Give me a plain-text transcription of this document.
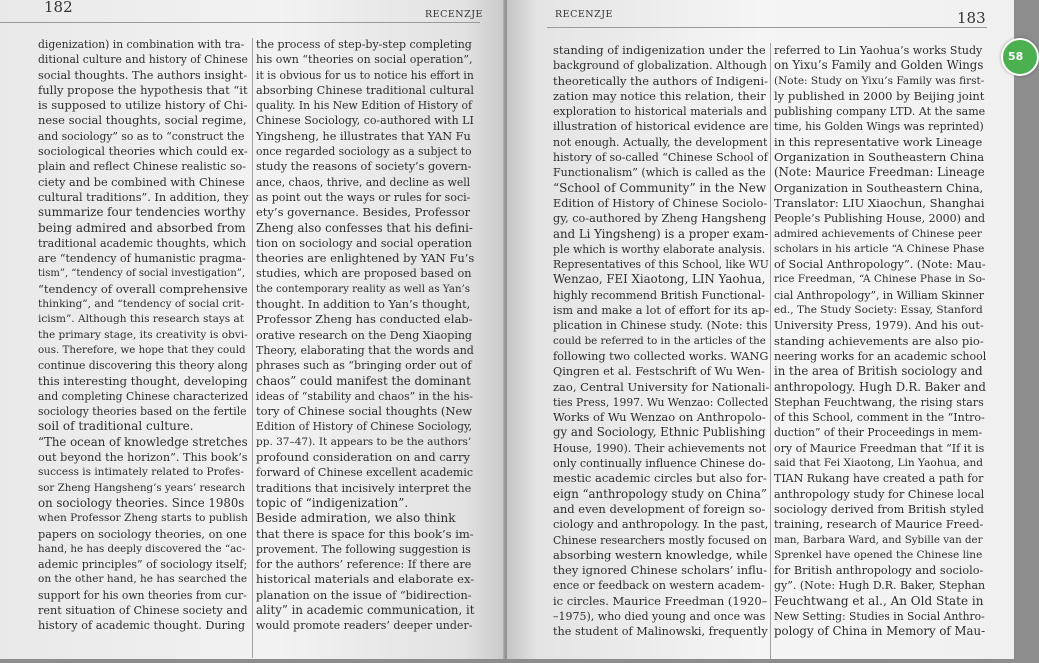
182	RECENZJE
digenization) in combination with tra-
ditional culture and history of Chinese
social thoughts. The authors insight-
fully propose the hypothesis that “it
is supposed to utilize history of Chi-
nese social thoughts, social regime,
and sociology” so as to “construct the
sociological theories which could ex-
plain and reflect Chinese realistic so-
ciety and be combined with Chinese
cultural traditions”. In addition, they
summarize four tendencies worthy
being admired and absorbed from
traditional academic thoughts, which
are “tendency of humanistic pragma-
tism”, “tendency of social investigation”,
“tendency of overall comprehensive
thinking”, and “tendency of social crit-
icism”. Although this research stays at
the primary stage, its creativity is obvi-
ous. Therefore, we hope that they could
continue discovering this theory along
this interesting thought, developing
and completing Chinese characterized
sociology theories based on the fertile
soil of traditional culture.
“The ocean of knowledge stretches
out beyond the horizon”. This book’s
success is intimately related to Profes-
sor Zheng Hangsheng’s years’ research
on sociology theories. Since 1980s
when Professor Zheng starts to publish
papers on sociology theories, on one
hand, he has deeply discovered the “ac-
ademic principles” of sociology itself;
on the other hand, he has searched the
support for his own theories from cur-
rent situation of Chinese society and
history of academic thought. During
the process of step-by-step completing
his own “theories on social operation”,
it is obvious for us to notice his effort in
absorbing Chinese traditional cultural
quality. In his New Edition of History of
Chinese Sociology, co-authored with LI
Yingsheng, he illustrates that YAN Fu
once regarded sociology as a subject to
study the reasons of society’s govern-
ance, chaos, thrive, and decline as well
as point out the ways or rules for soci-
ety’s governance. Besides, Professor
Zheng also confesses that his defini-
tion on sociology and social operation
theories are enlightened by YAN Fu’s
studies, which are proposed based on
the contemporary reality as well as Yan’s
thought. In addition to Yan’s thought,
Professor Zheng has conducted elab-
orative research on the Deng Xiaoping
Theory, elaborating that the words and
phrases such as “bringing order out of
chaos” could manifest the dominant
ideas of “stability and chaos” in the his-
tory of Chinese social thoughts (New
Edition of History of Chinese Sociology,
pp. 37–47). It appears to be the authors’
profound consideration on and carry
forward of Chinese excellent academic
traditions that incisively interpret the
topic of “indigenization”.
Beside admiration, we also think
that there is space for this book’s im-
provement. The following suggestion is
for the authors’ reference: If there are
historical materials and elaborate ex-
planation on the issue of “bidirection-
ality” in academic communication, it
would promote readers’ deeper under-
RECENZJE	183
standing of indigenization under the
background of globalization. Although
theoretically the authors of Indigeni-
zation may notice this relation, their
exploration to historical materials and
illustration of historical evidence are
not enough. Actually, the development
history of so-called “Chinese School of
Functionalism” (which is called as the
“School of Community” in the New
Edition of History of Chinese Sociolo-
gy, co-authored by Zheng Hangsheng
and Li Yingsheng) is a proper exam-
ple which is worthy elaborate analysis.
Representatives of this School, like WU
Wenzao, FEI Xiaotong, LIN Yaohua,
highly recommend British Functional-
ism and make a lot of effort for its ap-
plication in Chinese study. (Note: this
could be referred to in the articles of the
following two collected works. WANG
Qingren et al. Festschrift of Wu Wen-
zao, Central University for Nationali-
ties Press, 1997. Wu Wenzao: Collected
Works of Wu Wenzao on Anthropolo-
gy and Sociology, Ethnic Publishing
House, 1990). Their achievements not
only continually influence Chinese do-
mestic academic circles but also for-
eign “anthropology study on China”
and even development of foreign so-
ciology and anthropology. In the past,
Chinese researchers mostly focused on
absorbing western knowledge, while
they ignored Chinese scholars’ influ-
ence or feedback on western academ-
ic circles. Maurice Freedman (1920–
–1975), who died young and once was
the student of Malinowski, frequently
referred to Lin Yaohua’s works Study
on Yixu’s Family and Golden Wings
(Note: Study on Yixu’s Family was first-
ly published in 2000 by Beijing joint
publishing company LTD. At the same
time, his Golden Wings was reprinted)
in this representative work Lineage
Organization in Southeastern China
(Note: Maurice Freedman: Lineage
Organization in Southeastern China,
Translator: LIU Xiaochun, Shanghai
People’s Publishing House, 2000) and
admired achievements of Chinese peer
scholars in his article “A Chinese Phase
of Social Anthropology”. (Note: Mau-
rice Freedman, “A Chinese Phase in So-
cial Anthropology”, in William Skinner
ed., The Study Society: Essay, Stanford
University Press, 1979). And his out-
standing achievements are also pio-
neering works for an academic school
in the area of British sociology and
anthropology. Hugh D.R. Baker and
Stephan Feuchtwang, the rising stars
of this School, comment in the “Intro-
duction” of their Proceedings in mem-
ory of Maurice Freedman that “If it is
said that Fei Xiaotong, Lin Yaohua, and
TIAN Rukang have created a path for
anthropology study for Chinese local
sociology derived from British styled
training, research of Maurice Freed-
man, Barbara Ward, and Sybille van der
Sprenkel have opened the Chinese line
for British anthropology and sociolo-
gy”. (Note: Hugh D.R. Baker, Stephan
Feuchtwang et al., An Old State in
New Setting: Studies in Social Anthro-
pology of China in Memory of Mau-
58
